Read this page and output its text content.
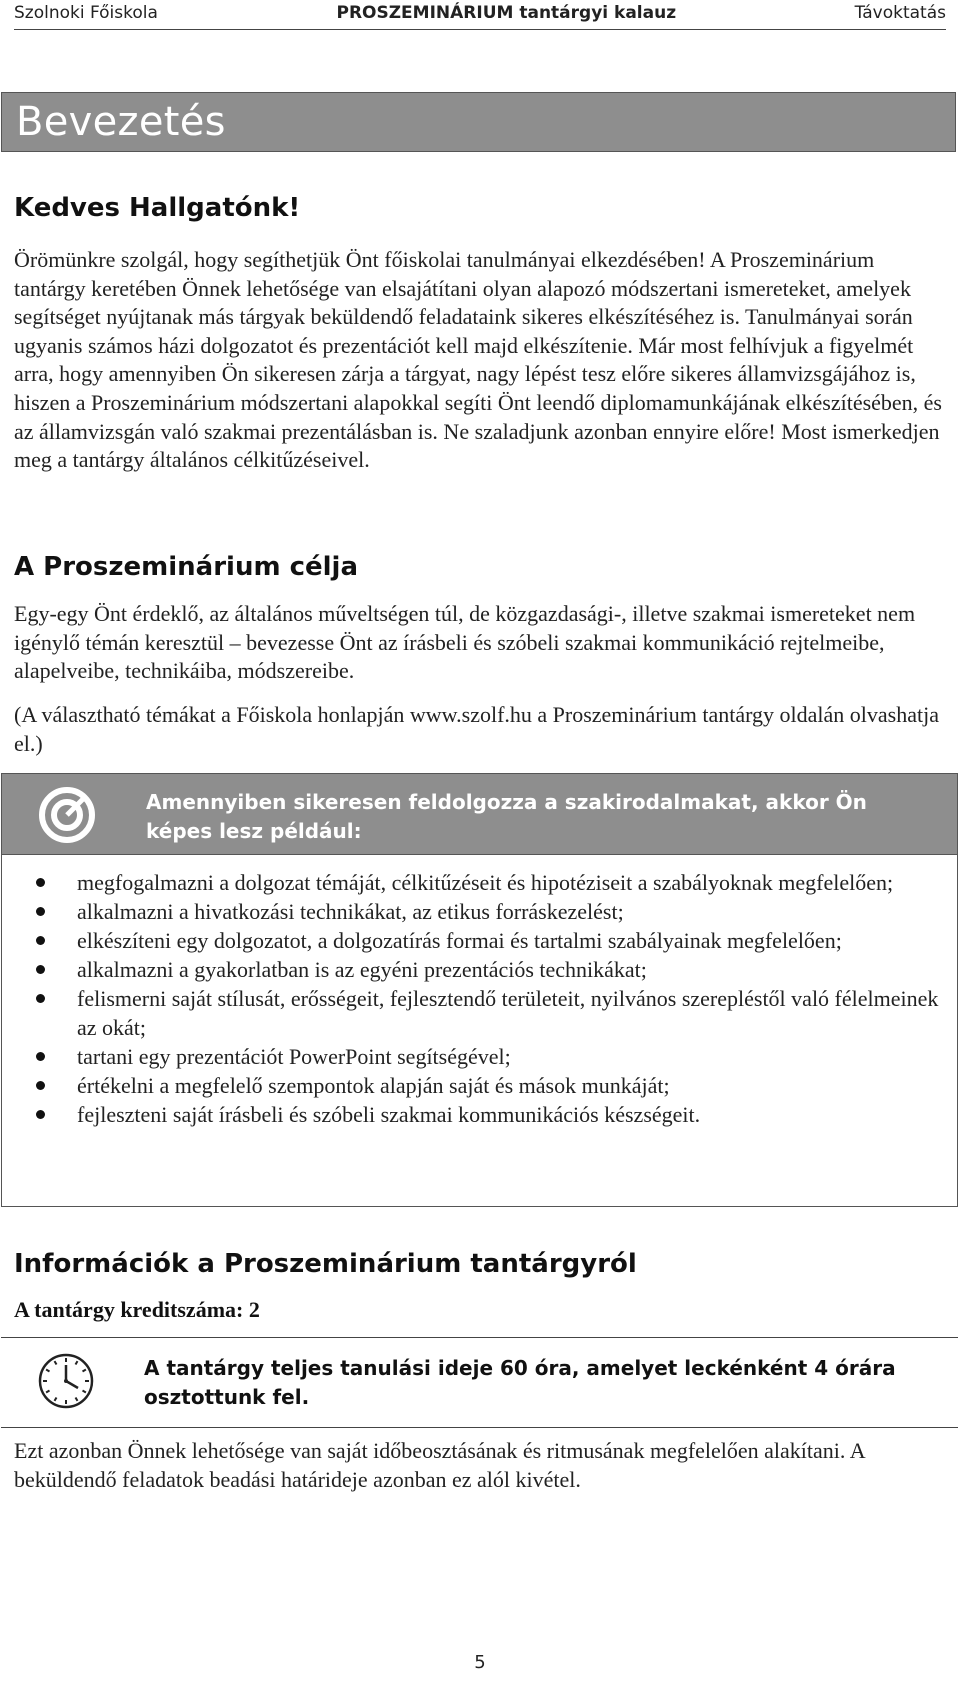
Szolnoki Főiskola	PROSZEMINÁRIUM tantárgyi kalauz	Távoktatás
Bevezetés
Kedves Hallgatónk!

Örömünkre szolgál, hogy segíthetjük Önt főiskolai tanulmányai elkezdésében! A Proszeminárium tantárgy keretében Önnek lehetősége van elsajátítani olyan alapozó módszertani ismereteket, amelyek segítséget nyújtanak más tárgyak beküldendő feladataink sikeres elkészítéséhez is. Tanulmányai során ugyanis számos házi dolgozatot és prezentációt kell majd elkészítenie. Már most felhívjuk a figyelmét arra, hogy amennyiben Ön sikeresen zárja a tárgyat, nagy lépést tesz előre sikeres államvizsgájához is, hiszen a Proszeminárium módszertani alapokkal segíti Önt leendő diplomamunkájának elkészítésében, és az államvizsgán való szakmai prezentálásban is. Ne szaladjunk azonban ennyire előre! Most ismerkedjen meg a tantárgy általános célkitűzéseivel.

A Proszeminárium célja

Egy-egy Önt érdeklő, az általános műveltségen túl, de közgazdasági-, illetve szakmai ismereteket nem igénylő témán keresztül – bevezesse Önt az írásbeli és szóbeli szakmai kommunikáció rejtelmeibe, alapelveibe, technikáiba, módszereibe.

(A választható témákat a Főiskola honlapján www.szolf.hu a Proszeminárium tantárgy oldalán olvashatja el.)

Amennyiben sikeresen feldolgozza a szakirodalmakat, akkor Ön képes lesz például:
megfogalmazni a dolgozat témáját, célkitűzéseit és hipotéziseit a szabályoknak megfelelően;
alkalmazni a hivatkozási technikákat, az etikus forráskezelést;
elkészíteni egy dolgozatot, a dolgozatírás formai és tartalmi szabályainak megfelelően;
alkalmazni a gyakorlatban is az egyéni prezentációs technikákat;
felismerni saját stílusát, erősségeit, fejlesztendő területeit, nyilvános szerepléstől való félelmeinek az okát;
tartani egy prezentációt PowerPoint segítségével;
értékelni a megfelelő szempontok alapján saját és mások munkáját;
fejleszteni saját írásbeli és szóbeli szakmai kommunikációs készségeit.
Információk a Proszeminárium tantárgyról

A tantárgy kreditszáma: 2

A tantárgy teljes tanulási ideje 60 óra, amelyet leckénként 4 órára osztottunk fel.

Ezt azonban Önnek lehetősége van saját időbeosztásának és ritmusának megfelelően alakítani. A beküldendő feladatok beadási határideje azonban ez alól kivétel.

5
